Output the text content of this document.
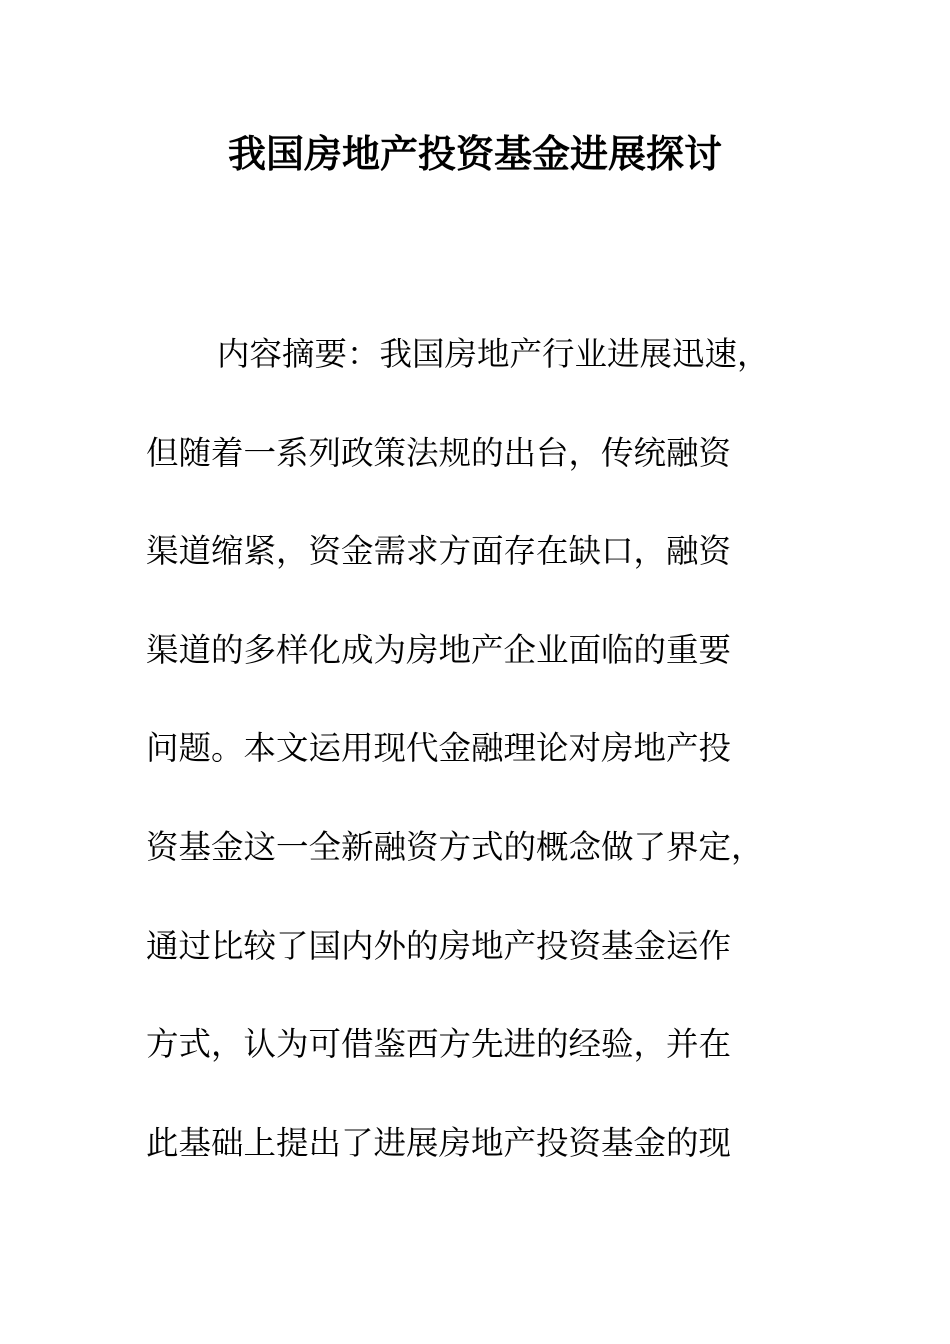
我国房地产投资基金进展探讨
内容摘要：我国房地产行业进展迅速，
但随着一系列政策法规的出台，传统融资
渠道缩紧，资金需求方面存在缺口，融资
渠道的多样化成为房地产企业面临的重要
问题。本文运用现代金融理论对房地产投
资基金这一全新融资方式的概念做了界定，
通过比较了国内外的房地产投资基金运作
方式，认为可借鉴西方先进的经验，并在
此基础上提出了进展房地产投资基金的现
